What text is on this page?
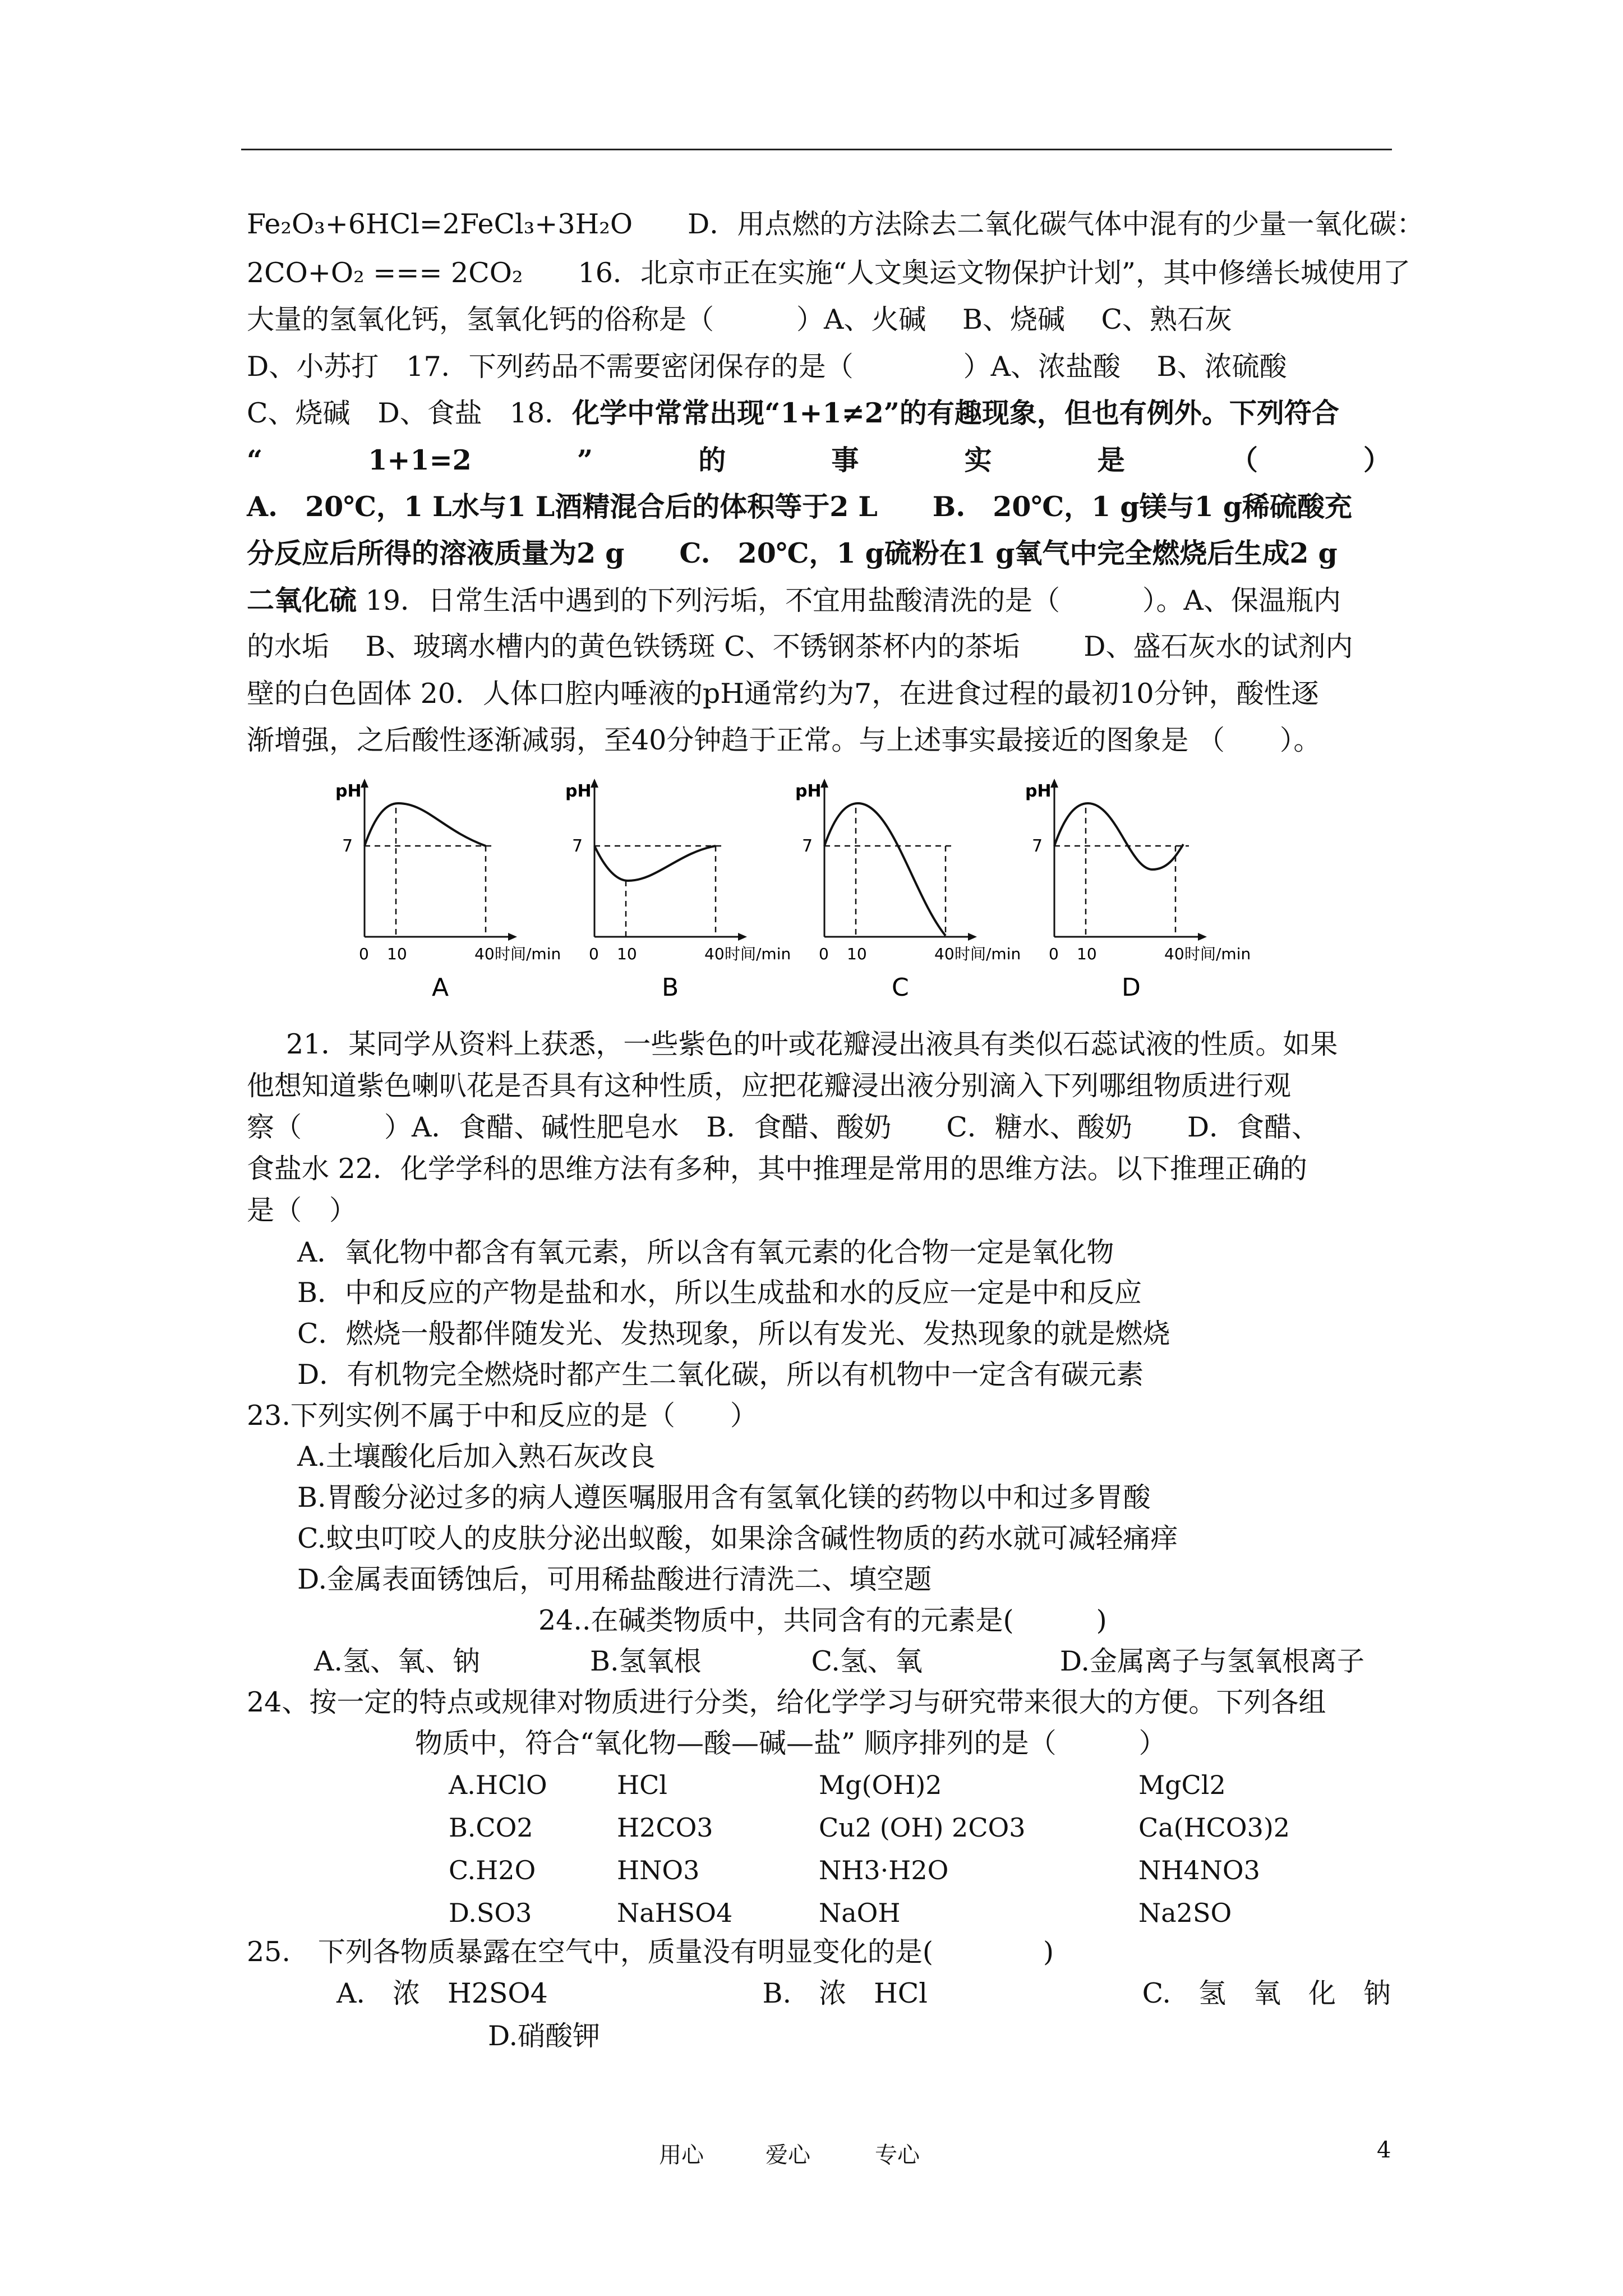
Fe₂O₃+6HCl=2FeCl₃+3H₂O　　D．用点燃的方法除去二氧化碳气体中混有的少量一氧化碳：
2CO+O₂ === 2CO₂　　16．北京市正在实施“人文奥运文物保护计划”，其中修缮长城使用了
大量的氢氧化钙，氢氧化钙的俗称是（　　　）A、火碱　 B、烧碱　 C、熟石灰
D、小苏打　17．下列药品不需要密闭保存的是（　　　　）A、浓盐酸　 B、浓硫酸
C、烧碱　D、食盐　18．化学中常常出现“1+1≠2”的有趣现象，但也有例外。下列符合
“	1+1=2	”	的	事	实	是	（	）
A.　20℃，1 L水与1 L酒精混合后的体积等于2 L　　B.　20℃，1 g镁与1 g稀硫酸充
分反应后所得的溶液质量为2 g　　C.　20℃，1 g硫粉在1 g氧气中完全燃烧后生成2 g
二氧化硫 19．日常生活中遇到的下列污垢，不宜用盐酸清洗的是（　　　）。A、保温瓶内
的水垢　 B、玻璃水槽内的黄色铁锈斑 C、不锈钢茶杯内的茶垢　　 D、盛石灰水的试剂内
壁的白色固体 20．人体口腔内唾液的pH通常约为7，在进食过程的最初10分钟，酸性逐
渐增强，之后酸性逐渐减弱，至40分钟趋于正常。与上述事实最接近的图象是 （　　）。
pH
7
0 10	40 时间/min
A
pH
7
0 10	40 时间/min
B
pH
7
0 10	40 时间/min
C
pH
7
0 10	40 时间/min
D
21．某同学从资料上获悉，一些紫色的叶或花瓣浸出液具有类似石蕊试液的性质。如果
他想知道紫色喇叭花是否具有这种性质，应把花瓣浸出液分别滴入下列哪组物质进行观
察（　　　）A．食醋、碱性肥皂水　B．食醋、酸奶　　C．糖水、酸奶　　D．食醋、
食盐水 22．化学学科的思维方法有多种，其中推理是常用的思维方法。以下推理正确的
是（　）
A．氧化物中都含有氧元素，所以含有氧元素的化合物一定是氧化物
B．中和反应的产物是盐和水，所以生成盐和水的反应一定是中和反应
C．燃烧一般都伴随发光、发热现象，所以有发光、发热现象的就是燃烧
D．有机物完全燃烧时都产生二氧化碳，所以有机物中一定含有碳元素
23.下列实例不属于中和反应的是（　　）
A.土壤酸化后加入熟石灰改良
B.胃酸分泌过多的病人遵医嘱服用含有氢氧化镁的药物以中和过多胃酸
C.蚊虫叮咬人的皮肤分泌出蚁酸，如果涂含碱性物质的药水就可减轻痛痒
D.金属表面锈蚀后，可用稀盐酸进行清洗二、填空题
24..在碱类物质中，共同含有的元素是(　　　)
A.氢、氧、钠　　　　B.氢氧根　　　　C.氢、氧　　　　　D.金属离子与氢氧根离子
24、按一定的特点或规律对物质进行分类，给化学学习与研究带来很大的方便。下列各组
物质中，符合“氧化物—酸—碱—盐” 顺序排列的是（　　　）
A.HClO	HCl	Mg(OH)2	MgCl2
B.CO2	H2CO3	Cu2 (OH) 2CO3	Ca(HCO3)2
C.H2O	HNO3	NH3·H2O	NH4NO3
D.SO3	NaHSO4	NaOH	Na2SO
25.　下列各物质暴露在空气中，质量没有明显变化的是(　　　　)
A.　浓　H2SO4	B.　浓　HCl	C.　氢　氧　化　钠
D.硝酸钾
用心	爱心	专心	4
